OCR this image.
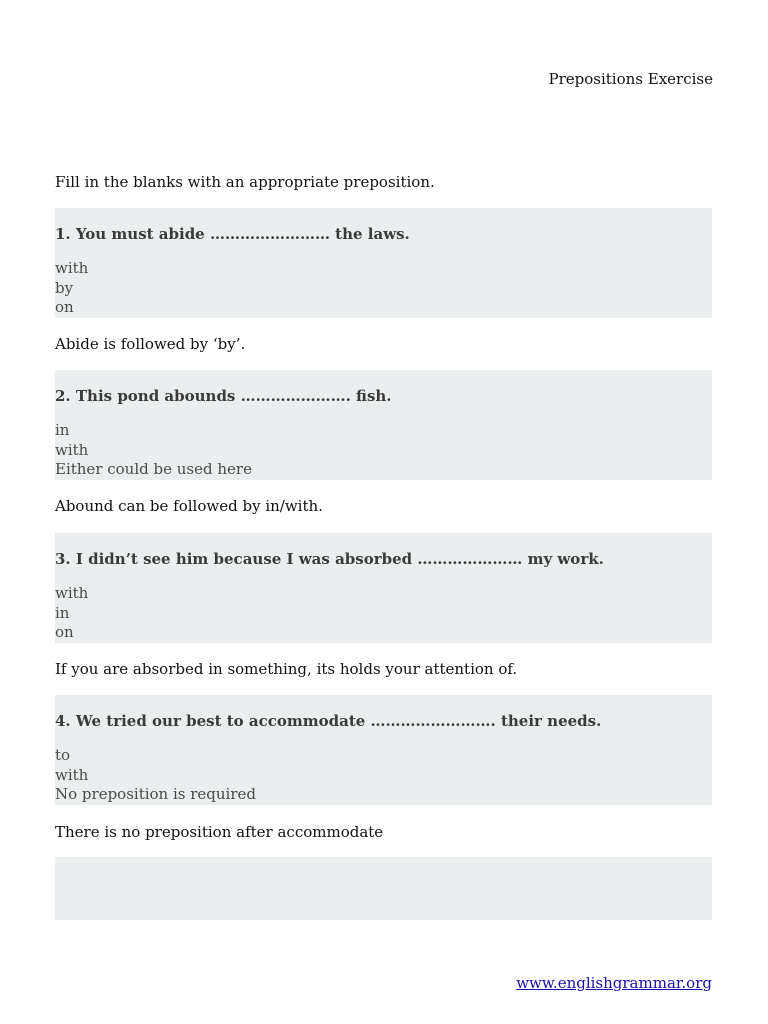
Prepositions Exercise
Fill in the blanks with an appropriate preposition.
1. You must abide …………………… the laws.
with
by
on
Abide is followed by ‘by’.
2. This pond abounds …………………. fish.
in
with
Either could be used here
Abound can be followed by in/with.
3. I didn’t see him because I was absorbed ………………… my work.
with
in
on
If you are absorbed in something, its holds your attention of.
4. We tried our best to accommodate ……………………. their needs.
to
with
No preposition is required
There is no preposition after accommodate
www.englishgrammar.org
